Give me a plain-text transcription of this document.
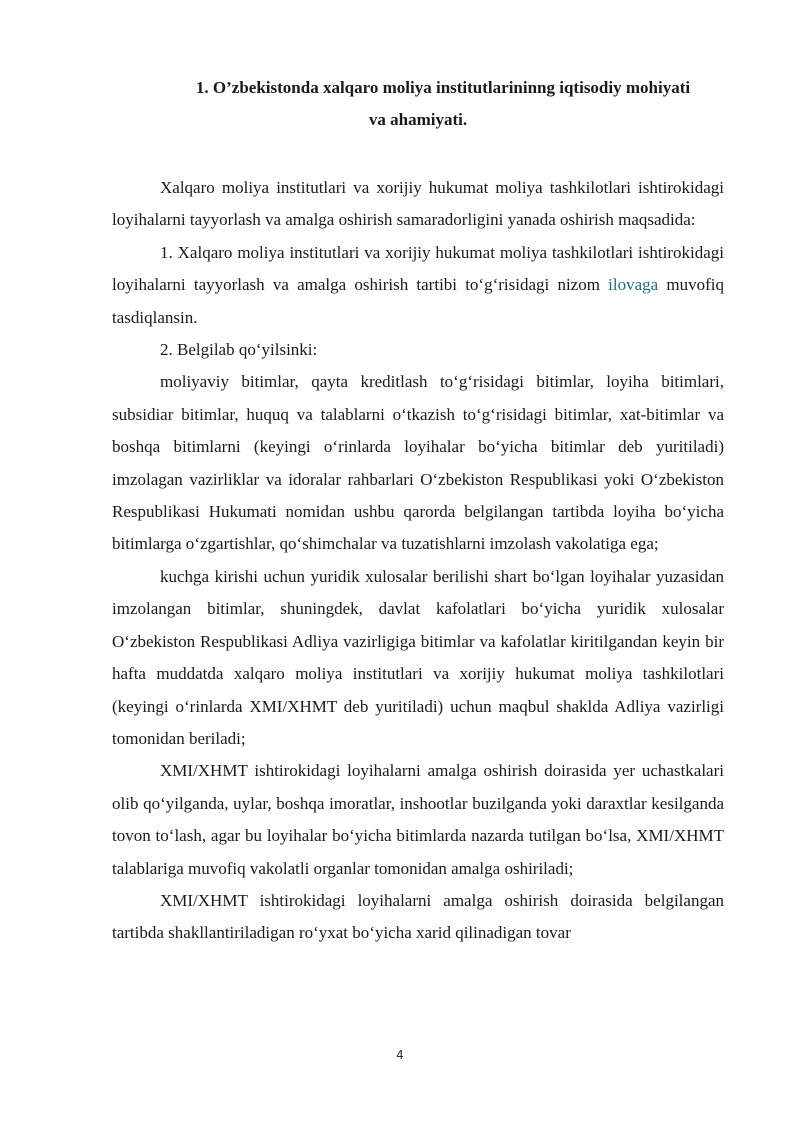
1. O’zbekistonda xalqaro moliya institutlarininng iqtisodiy mohiyati
va ahamiyati.

Xalqaro moliya institutlari va xorijiy hukumat moliya tashkilotlari ishtirokidagi loyihalarni tayyorlash va amalga oshirish samaradorligini yanada oshirish maqsadida:

1. Xalqaro moliya institutlari va xorijiy hukumat moliya tashkilotlari ishtirokidagi loyihalarni tayyorlash va amalga oshirish tartibi to‘g‘risidagi nizom ilovaga muvofiq tasdiqlansin.

2. Belgilab qo‘yilsinki:

moliyaviy bitimlar, qayta kreditlash to‘g‘risidagi bitimlar, loyiha bitimlari, subsidiar bitimlar, huquq va talablarni o‘tkazish to‘g‘risidagi bitimlar, xat-bitimlar va boshqa bitimlarni (keyingi o‘rinlarda loyihalar bo‘yicha bitimlar deb yuritiladi) imzolagan vazirliklar va idoralar rahbarlari O‘zbekiston Respublikasi yoki O‘zbekiston Respublikasi Hukumati nomidan ushbu qarorda belgilangan tartibda loyiha bo‘yicha bitimlarga o‘zgartishlar, qo‘shimchalar va tuzatishlarni imzolash vakolatiga ega;

kuchga kirishi uchun yuridik xulosalar berilishi shart bo‘lgan loyihalar yuzasidan imzolangan bitimlar, shuningdek, davlat kafolatlari bo‘yicha yuridik xulosalar O‘zbekiston Respublikasi Adliya vazirligiga bitimlar va kafolatlar kiritilgandan keyin bir hafta muddatda xalqaro moliya institutlari va xorijiy hukumat moliya tashkilotlari (keyingi o‘rinlarda XMI/XHMT deb yuritiladi) uchun maqbul shaklda Adliya vazirligi tomonidan beriladi;

XMI/XHMT ishtirokidagi loyihalarni amalga oshirish doirasida yer uchastkalari olib qo‘yilganda, uylar, boshqa imoratlar, inshootlar buzilganda yoki daraxtlar kesilganda tovon to‘lash, agar bu loyihalar bo‘yicha bitimlarda nazarda tutilgan bo‘lsa, XMI/XHMT talablariga muvofiq vakolatli organlar tomonidan amalga oshiriladi;

XMI/XHMT ishtirokidagi loyihalarni amalga oshirish doirasida belgilangan tartibda shakllantiriladigan ro‘yxat bo‘yicha xarid qilinadigan tovar

4
